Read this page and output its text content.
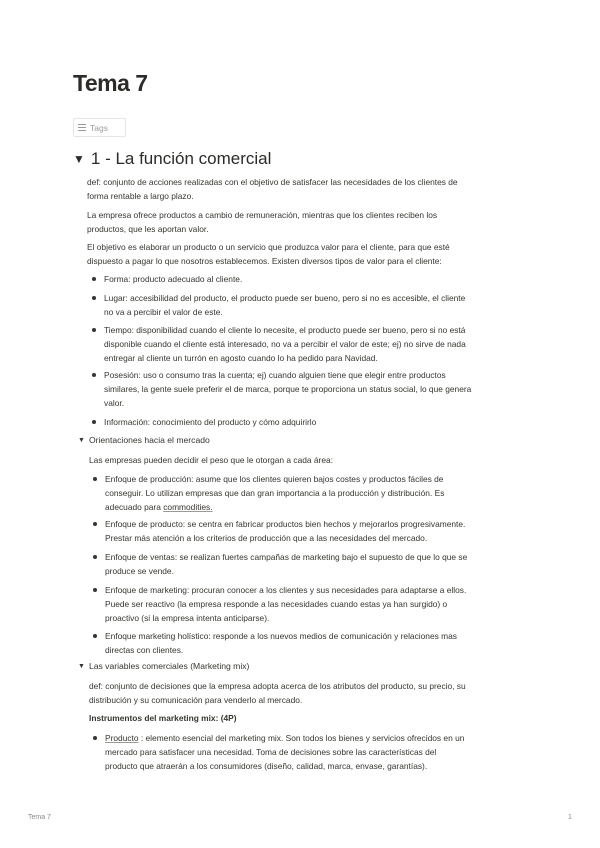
Tema 7
Tags
▼ 1 - La función comercial
def: conjunto de acciones realizadas con el objetivo de satisfacer las necesidades de los clientes de
forma rentable a largo plazo.
La empresa ofrece productos a cambio de remuneración, mientras que los clientes reciben los
productos, que les aportan valor.
El objetivo es elaborar un producto o un servicio que produzca valor para el cliente, para que esté
dispuesto a pagar lo que nosotros establecemos. Existen diversos tipos de valor para el cliente:
Forma: producto adecuado al cliente.
Lugar: accesibilidad del producto, el producto puede ser bueno, pero si no es accesible, el cliente
no va a percibir el valor de este.
Tiempo: disponibilidad cuando el cliente lo necesite, el producto puede ser bueno, pero si no está
disponible cuando el cliente está interesado, no va a percibir el valor de este; ej) no sirve de nada
entregar al cliente un turrón en agosto cuando lo ha pedido para Navidad.
Posesión: uso o consumo tras la cuenta; ej) cuando alguien tiene que elegir entre productos
similares, la gente suele preferir el de marca, porque te proporciona un status social, lo que genera
valor.
Información: conocimiento del producto y cómo adquirirlo
▼ Orientaciones hacia el mercado
Las empresas pueden decidir el peso que le otorgan a cada área:
Enfoque de producción: asume que los clientes quieren bajos costes y productos fáciles de
conseguir. Lo utilizan empresas que dan gran importancia a la producción y distribución. Es
adecuado para commodities.
Enfoque de producto: se centra en fabricar productos bien hechos y mejorarlos progresivamente.
Prestar más atención a los criterios de producción que a las necesidades del mercado.
Enfoque de ventas: se realizan fuertes campañas de marketing bajo el supuesto de que lo que se
produce se vende.
Enfoque de marketing: procuran conocer a los clientes y sus necesidades para adaptarse a ellos.
Puede ser reactivo (la empresa responde a las necesidades cuando estas ya han surgido) o
proactivo (si la empresa intenta anticiparse).
Enfoque marketing holístico: responde a los nuevos medios de comunicación y relaciones mas
directas con clientes.
▼ Las variables comerciales (Marketing mix)
def: conjunto de decisiones que la empresa adopta acerca de los atributos del producto, su precio, su
distribución y su comunicación para venderlo al mercado.
Instrumentos del marketing mix: (4P)
Producto : elemento esencial del marketing mix. Son todos los bienes y servicios ofrecidos en un
mercado para satisfacer una necesidad. Toma de decisiones sobre las características del
producto que atraerán a los consumidores (diseño, calidad, marca, envase, garantías).
Tema 7	1
